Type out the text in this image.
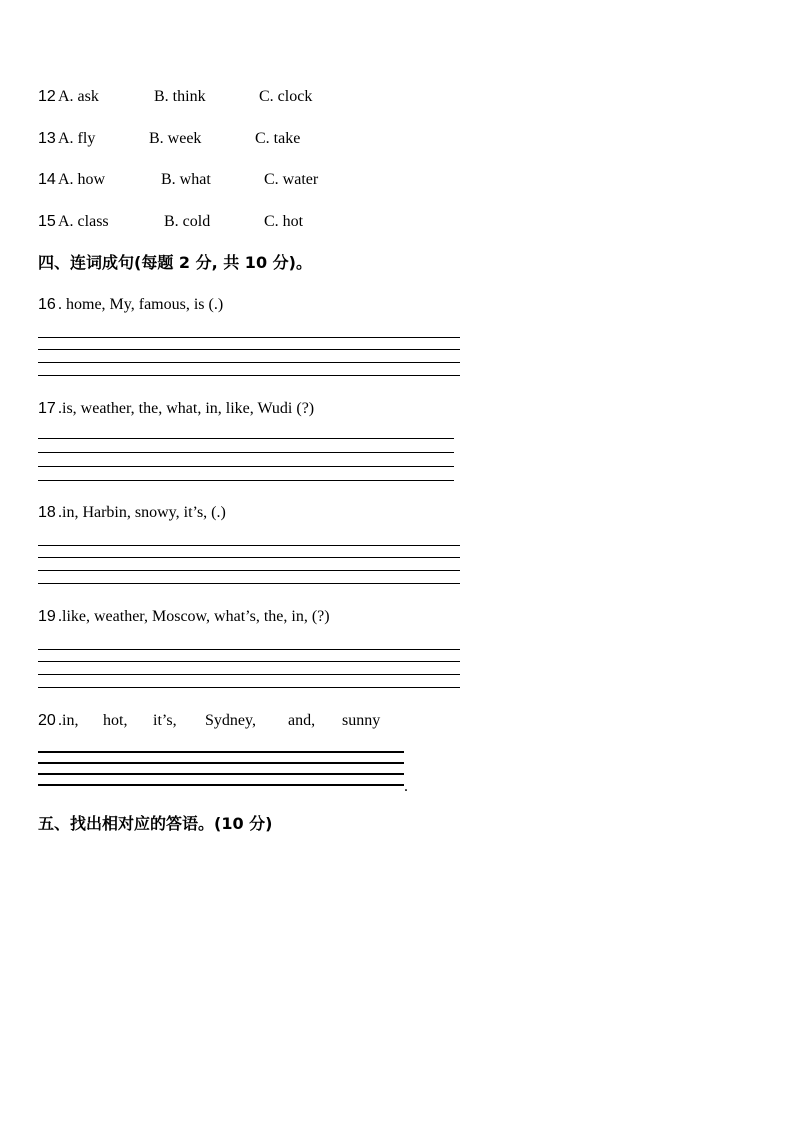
12 A. ask	B. think	C. clock
13 A. fly	B. week	C. take
14 A. how	B. what	C. water
15 A. class	B. cold	C. hot
四、连词成句(每题 2 分, 共 10 分)。
16 . home, My, famous, is (.)
17 .is, weather, the, what, in, like, Wudi (?)
18 .in, Harbin, snowy, it’s, (.)
19 .like, weather, Moscow, what’s, the, in, (?)
20 .in, hot, it’s, Sydney, and, sunny
.
五、找出相对应的答语。(10 分)
